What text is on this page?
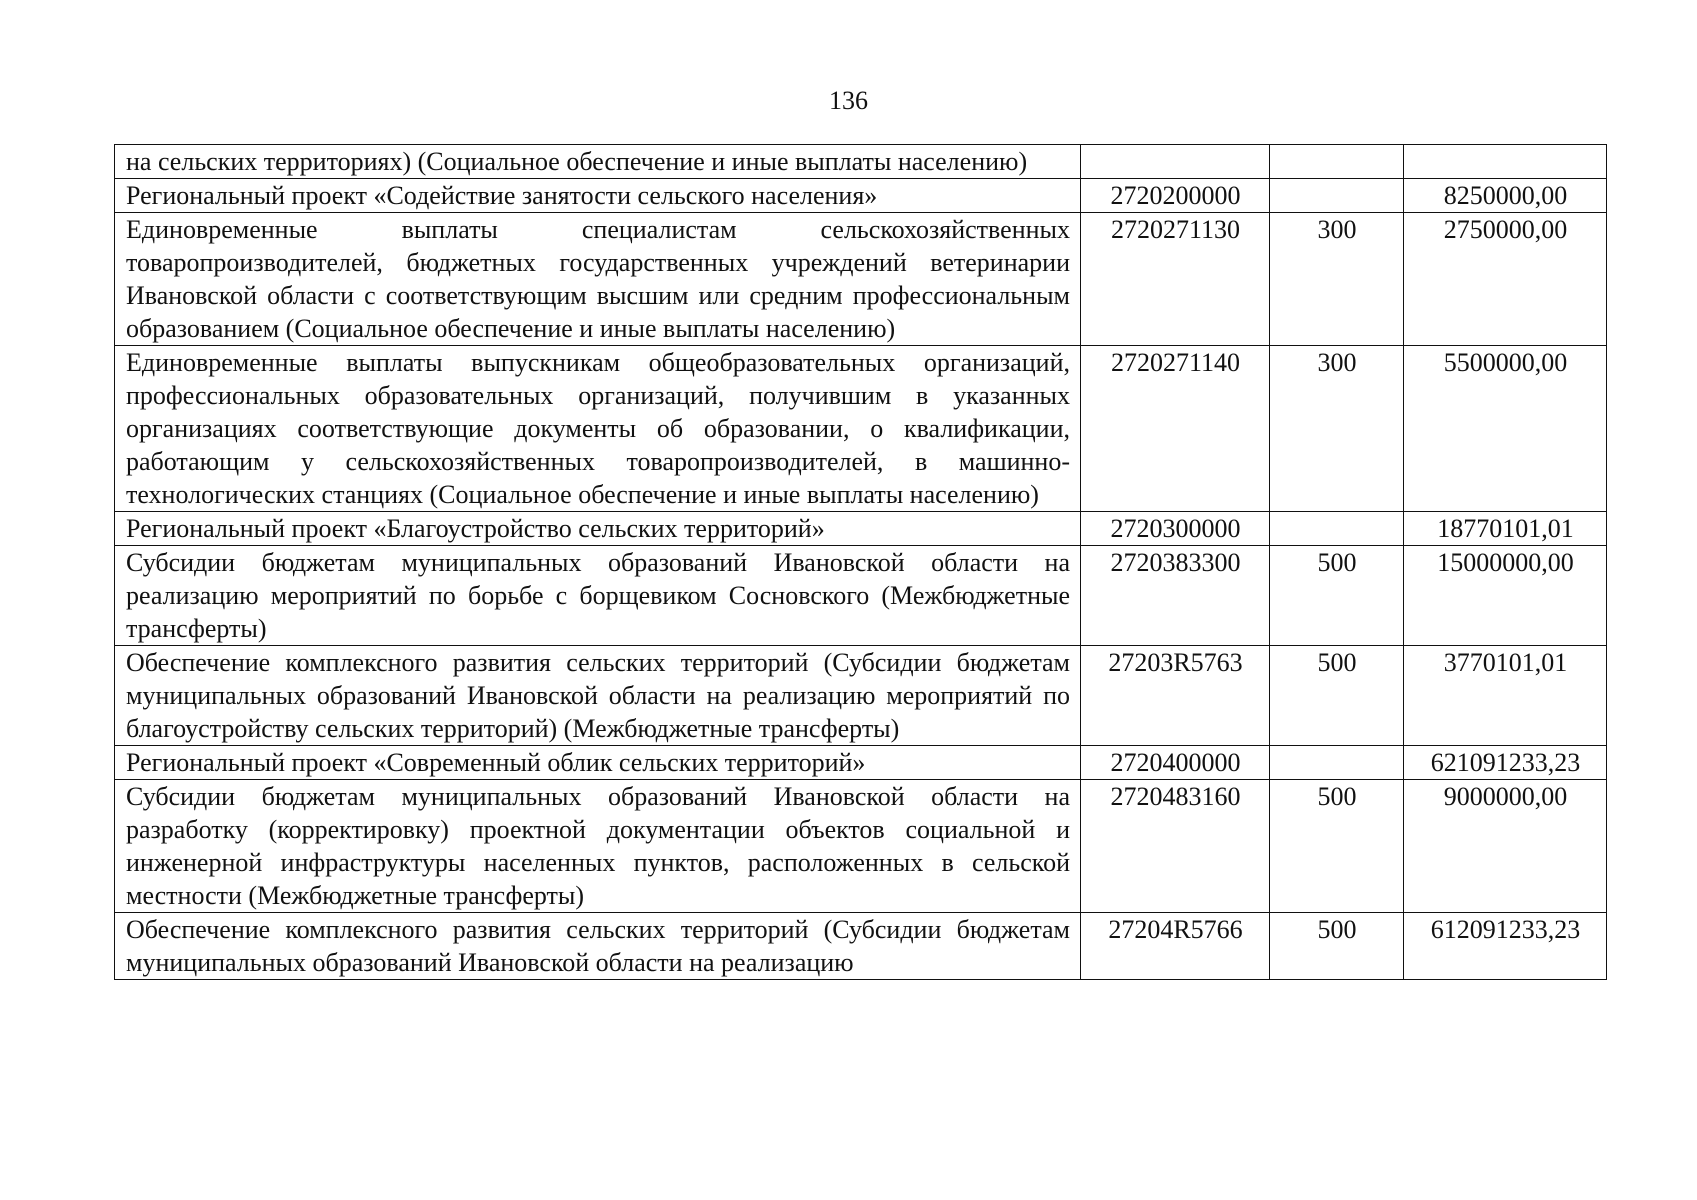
136
на сельских территориях) (Социальное обеспечение и иные выплаты населению)			
Региональный проект «Содействие занятости сельского населения»	2720200000		8250000,00
Единовременные выплаты специалистам сельскохозяйственных товаропроизводителей, бюджетных государственных учреждений ветеринарии Ивановской области с соответствующим высшим или средним профессиональным образованием (Социальное обеспечение и иные выплаты населению)	2720271130	300	2750000,00
Единовременные выплаты выпускникам общеобразовательных организаций, профессиональных образовательных организаций, получившим в указанных организациях соответствующие документы об образовании, о квалификации, работающим у сельскохозяйственных товаропроизводителей, в машинно-технологических станциях (Социальное обеспечение и иные выплаты населению)	2720271140	300	5500000,00
Региональный проект «Благоустройство сельских территорий»	2720300000		18770101,01
Субсидии бюджетам муниципальных образований Ивановской области на реализацию мероприятий по борьбе с борщевиком Сосновского (Межбюджетные трансферты)	2720383300	500	15000000,00
Обеспечение комплексного развития сельских территорий (Субсидии бюджетам муниципальных образований Ивановской области на реализацию мероприятий по благоустройству сельских территорий) (Межбюджетные трансферты)	27203R5763	500	3770101,01
Региональный проект «Современный облик сельских территорий»	2720400000		621091233,23
Субсидии бюджетам муниципальных образований Ивановской области на разработку (корректировку) проектной документации объектов социальной и инженерной инфраструктуры населенных пунктов, расположенных в сельской местности (Межбюджетные трансферты)	2720483160	500	9000000,00
Обеспечение комплексного развития сельских территорий (Субсидии бюджетам муниципальных образований Ивановской области на реализацию	27204R5766	500	612091233,23
